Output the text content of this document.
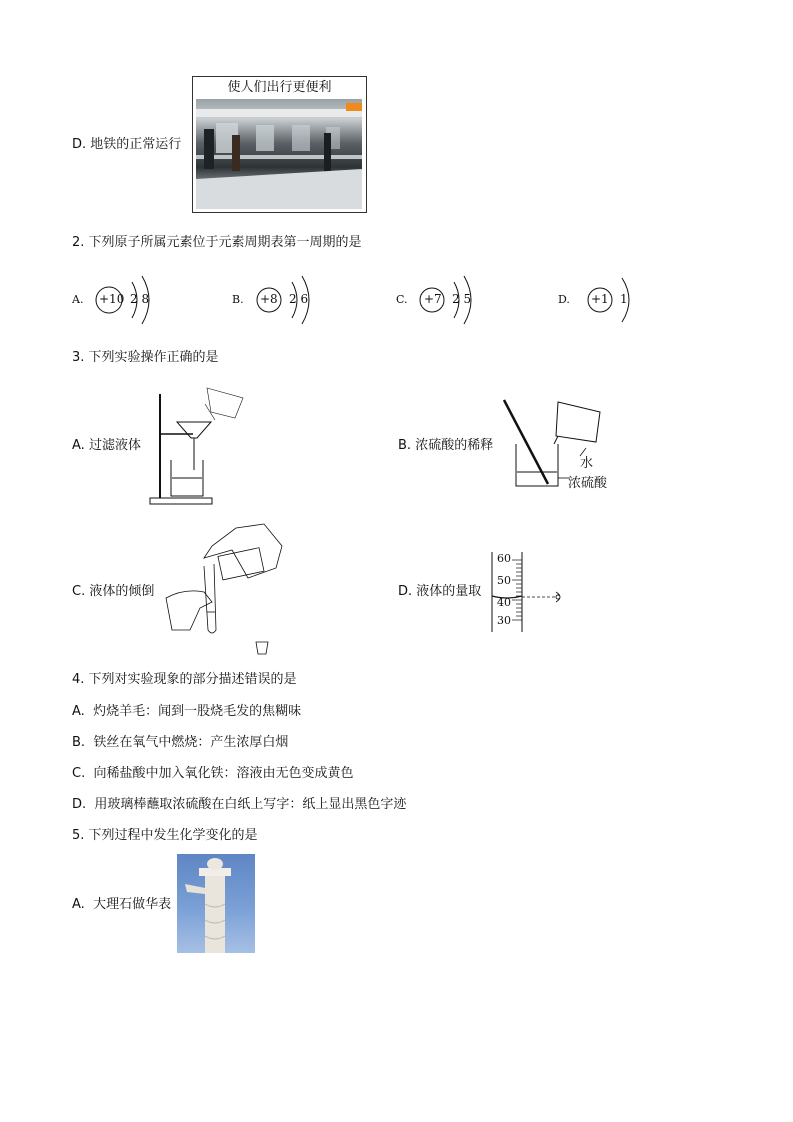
D. 地铁的正常运行
使人们出行更便利
2. 下列原子所属元素位于元素周期表第一周期的是
A. +10 2 8	B. +8 2 6	C. +7 2 5	D. +1 1
3. 下列实验操作正确的是
A. 过滤液体	B. 浓硫酸的稀释
水
浓硫酸
C. 液体的倾倒	D. 液体的量取
60
50
40
30
4. 下列对实验现象的部分描述错误的是
A. 灼烧羊毛：闻到一股烧毛发的焦糊味
B. 铁丝在氧气中燃烧：产生浓厚白烟
C. 向稀盐酸中加入氧化铁：溶液由无色变成黄色
D. 用玻璃棒蘸取浓硫酸在白纸上写字：纸上显出黑色字迹
5. 下列过程中发生化学变化的是
A. 大理石做华表
